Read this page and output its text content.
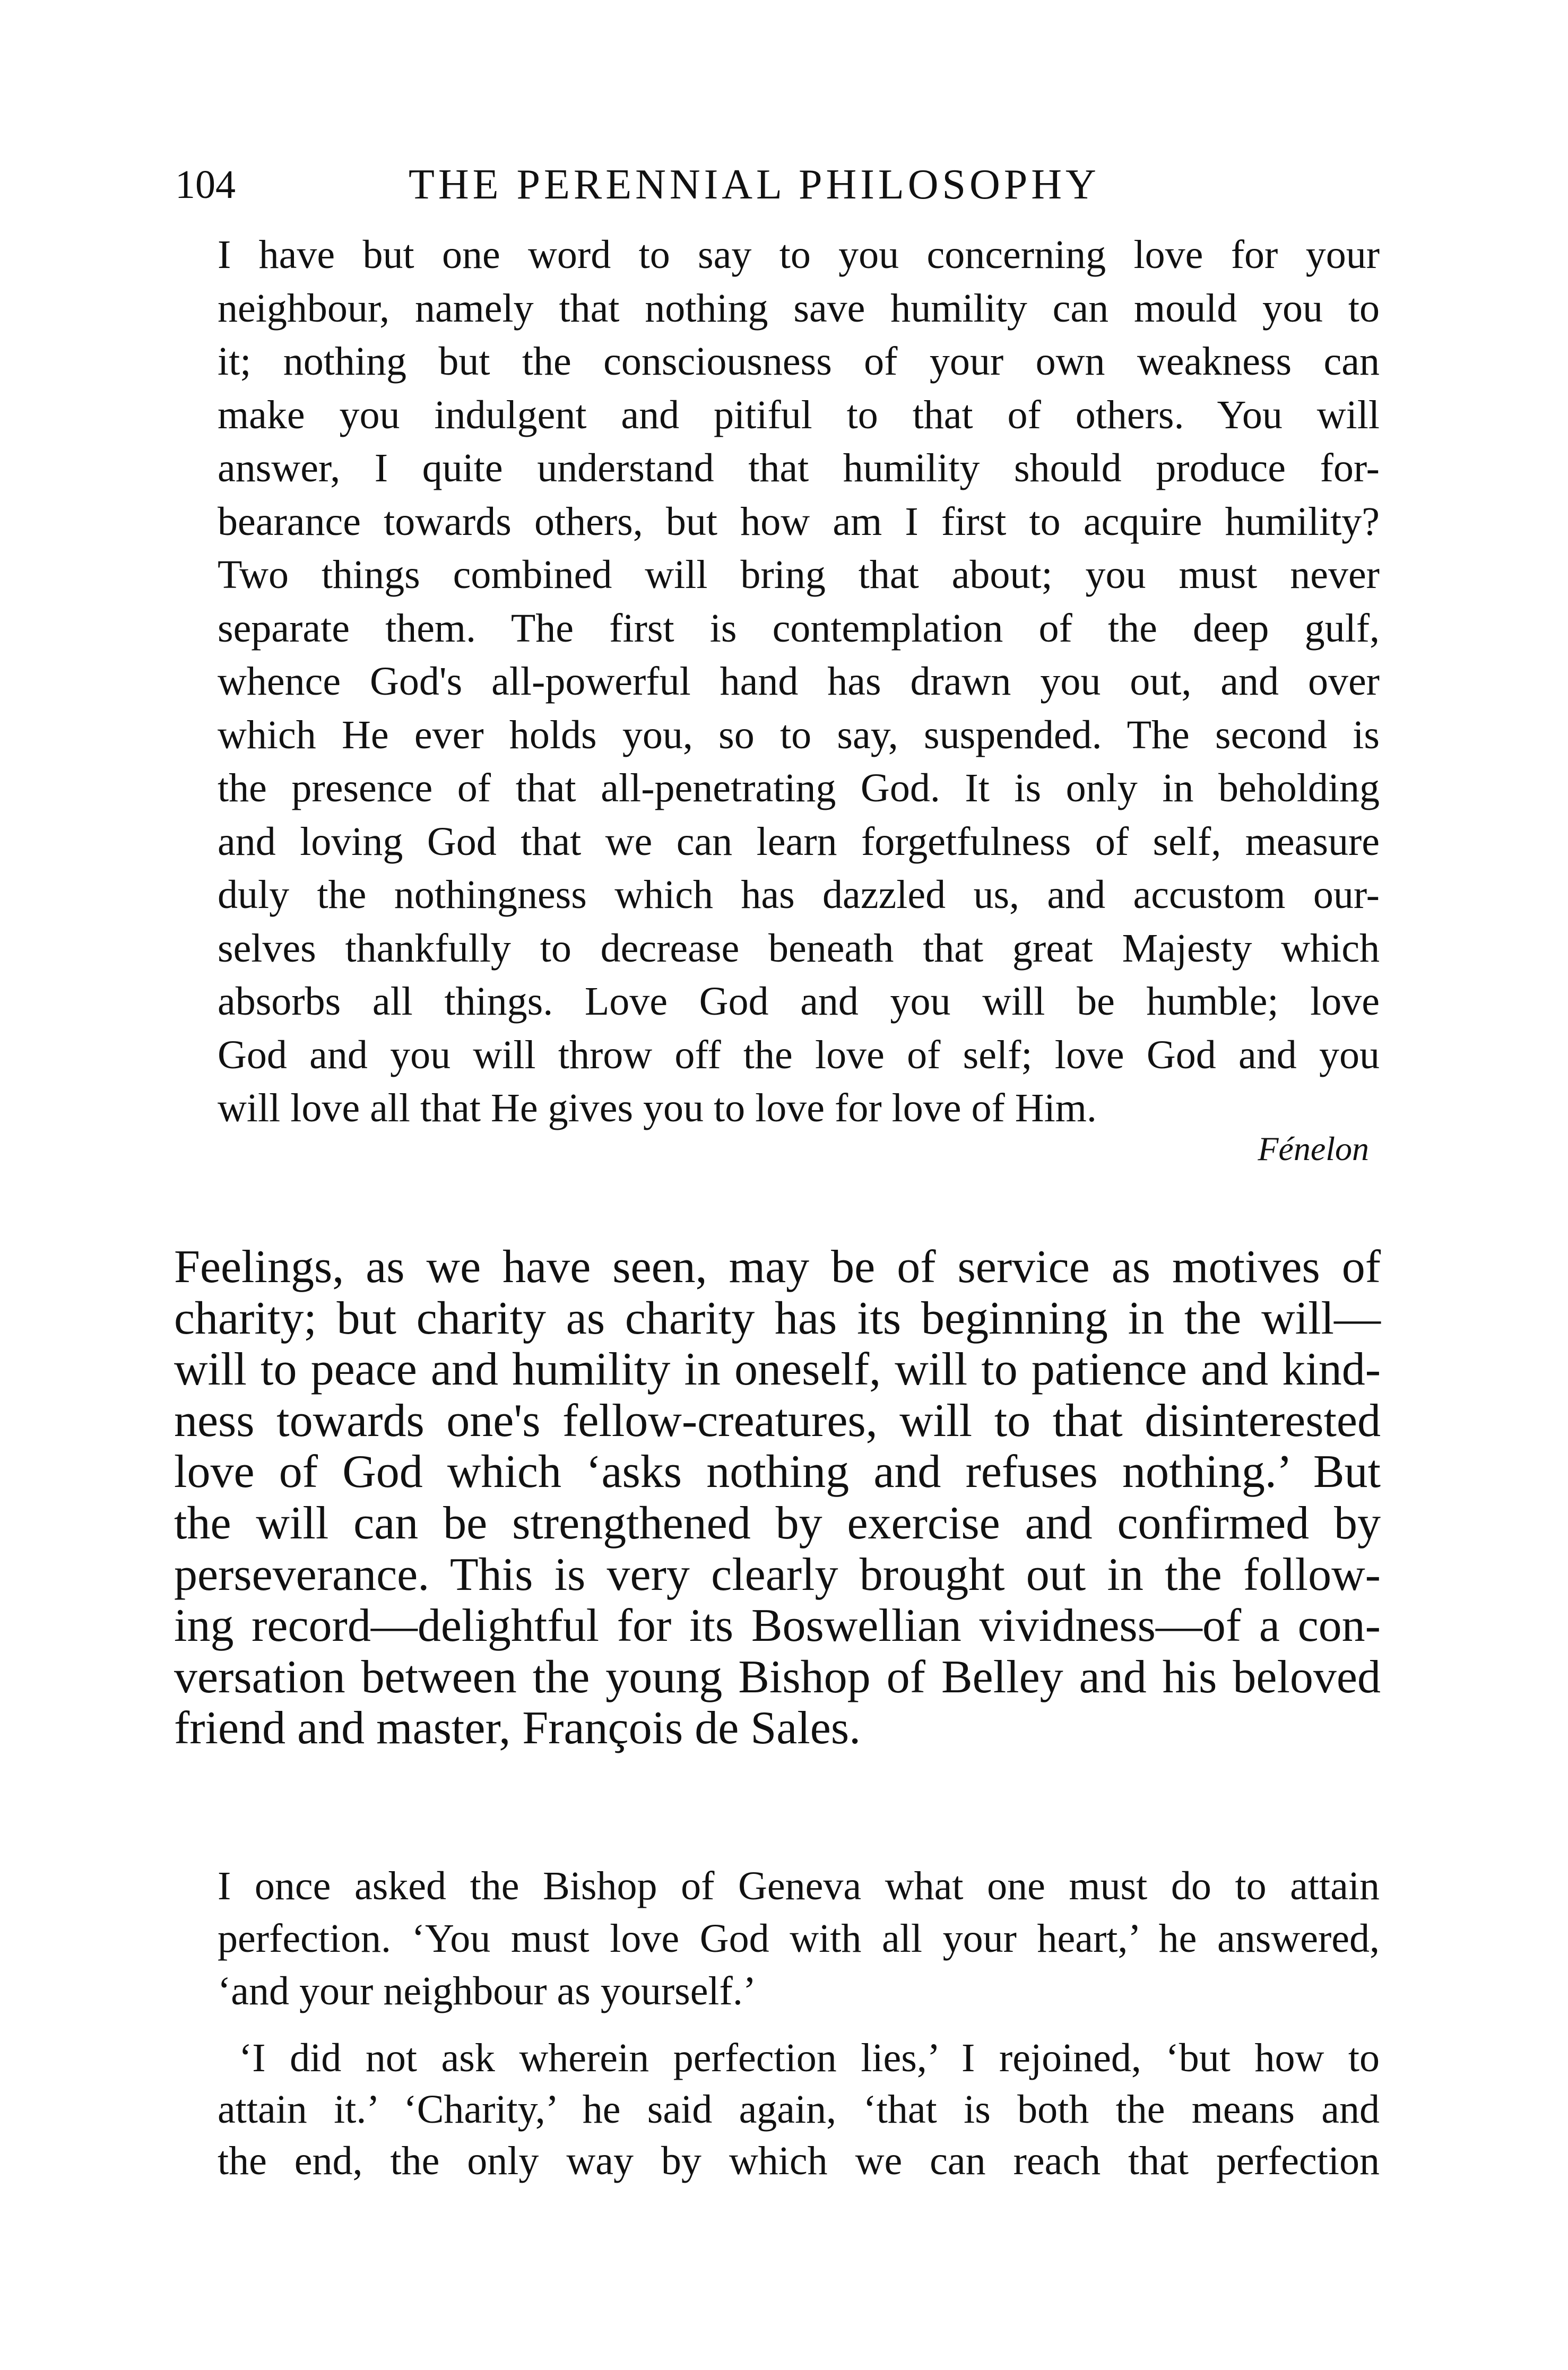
104	THE PERENNIAL PHILOSOPHY

I have but one word to say to you concerning love for your
neighbour, namely that nothing save humility can mould you to
it; nothing but the consciousness of your own weakness can
make you indulgent and pitiful to that of others. You will
answer, I quite understand that humility should produce for-
bearance towards others, but how am I first to acquire humility?
Two things combined will bring that about; you must never
separate them. The first is contemplation of the deep gulf,
whence God's all-powerful hand has drawn you out, and over
which He ever holds you, so to say, suspended. The second is
the presence of that all-penetrating God. It is only in beholding
and loving God that we can learn forgetfulness of self, measure
duly the nothingness which has dazzled us, and accustom our-
selves thankfully to decrease beneath that great Majesty which
absorbs all things. Love God and you will be humble; love
God and you will throw off the love of self; love God and you
will love all that He gives you to love for love of Him.

Fénelon

Feelings, as we have seen, may be of service as motives of
charity; but charity as charity has its beginning in the will—
will to peace and humility in oneself, will to patience and kind-
ness towards one's fellow-creatures, will to that disinterested
love of God which ‘asks nothing and refuses nothing.’ But
the will can be strengthened by exercise and confirmed by
perseverance. This is very clearly brought out in the follow-
ing record—delightful for its Boswellian vividness—of a con-
versation between the young Bishop of Belley and his beloved
friend and master, François de Sales.

I once asked the Bishop of Geneva what one must do to attain
perfection. ‘You must love God with all your heart,’ he answered,
‘and your neighbour as yourself.’

‘I did not ask wherein perfection lies,’ I rejoined, ‘but how to
attain it.’ ‘Charity,’ he said again, ‘that is both the means and
the end, the only way by which we can reach that perfection
